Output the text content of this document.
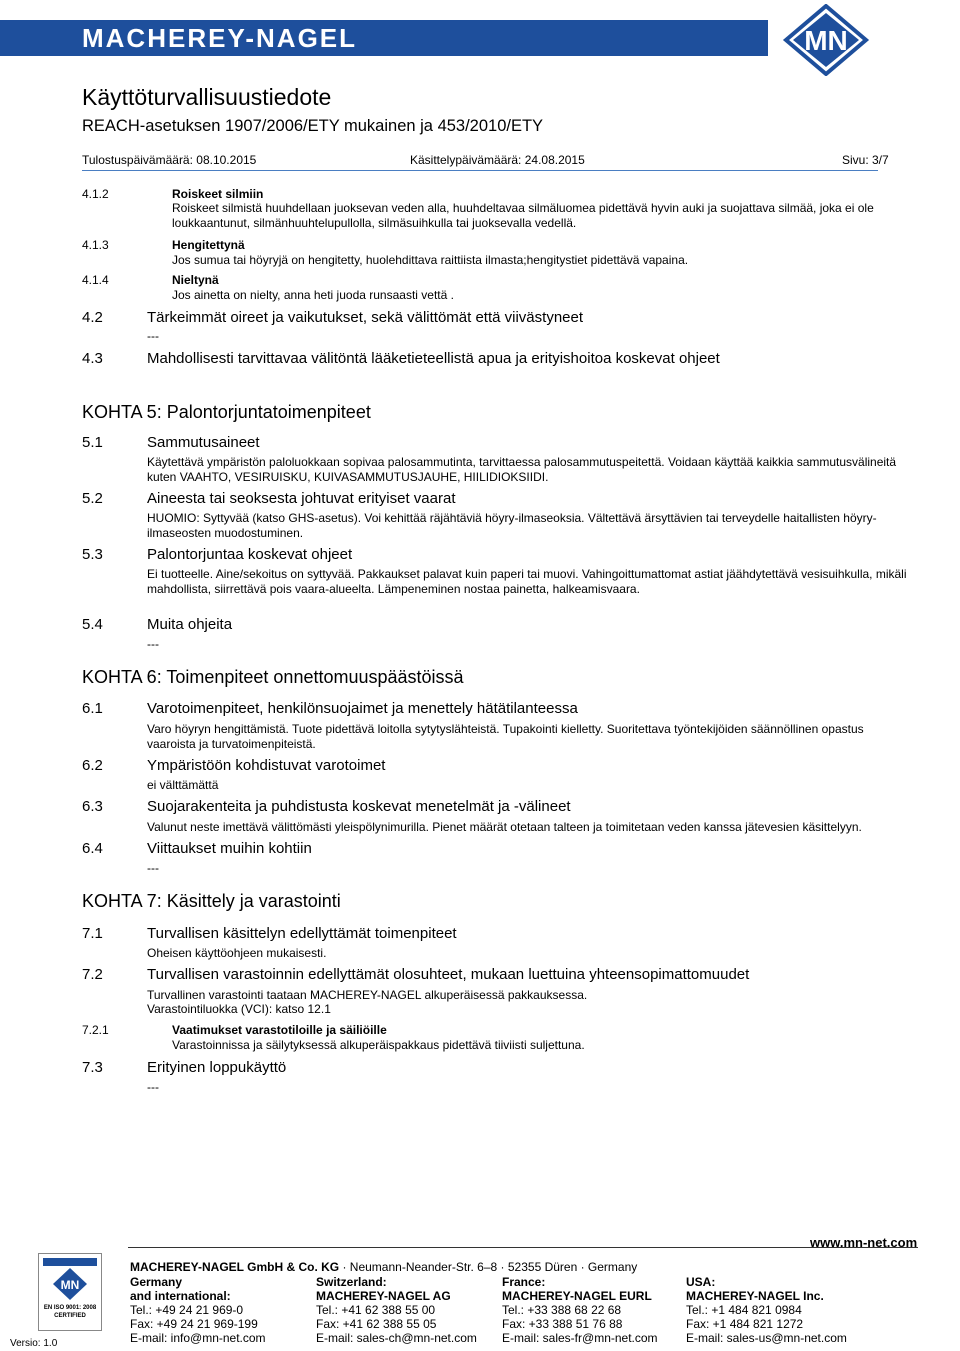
MACHEREY-NAGEL	MN
Käyttöturvallisuustiedote
REACH-asetuksen 1907/2006/ETY mukainen ja 453/2010/ETY
Tulostuspäivämäärä: 08.10.2015	Käsittelypäivämäärä: 24.08.2015	Sivu: 3/7
4.1.2	Roiskeet silmiin
Roiskeet silmistä huuhdellaan juoksevan veden alla, huuhdeltavaa silmäluomea pidettävä hyvin auki ja suojattava silmää, joka ei ole loukkaantunut, silmänhuuhtelupullolla, silmäsuihkulla tai juoksevalla vedellä.
4.1.3	Hengitettynä
Jos sumua tai höyryjä on hengitetty, huolehdittava raittiista ilmasta;hengitystiet pidettävä vapaina.
4.1.4	Nieltynä
Jos ainetta on nielty, anna heti juoda runsaasti vettä .
4.2	Tärkeimmät oireet ja vaikutukset, sekä välittömät että viivästyneet
---
4.3	Mahdollisesti tarvittavaa välitöntä lääketieteellistä apua ja erityishoitoa koskevat ohjeet
KOHTA 5: Palontorjuntatoimenpiteet
5.1	Sammutusaineet
Käytettävä ympäristön paloluokkaan sopivaa palosammutinta, tarvittaessa palosammutuspeitettä. Voidaan käyttää kaikkia sammutusvälineitä kuten VAAHTO, VESIRUISKU, KUIVASAMMUTUSJAUHE, HIILIDIOKSIIDI.
5.2	Aineesta tai seoksesta johtuvat erityiset vaarat
HUOMIO: Syttyvää (katso GHS-asetus). Voi kehittää räjähtäviä höyry-ilmaseoksia. Vältettävä ärsyttävien tai terveydelle haitallisten höyry-ilmaseosten muodostuminen.
5.3	Palontorjuntaa koskevat ohjeet
Ei tuotteelle. Aine/sekoitus on syttyvää. Pakkaukset palavat kuin paperi tai muovi. Vahingoittumattomat astiat jäähdytettävä vesisuihkulla, mikäli mahdollista, siirrettävä pois vaara-alueelta. Lämpeneminen nostaa painetta, halkeamisvaara.
5.4	Muita ohjeita
---
KOHTA 6: Toimenpiteet onnettomuuspäästöissä
6.1	Varotoimenpiteet, henkilönsuojaimet ja menettely hätätilanteessa
Varo höyryn hengittämistä. Tuote pidettävä loitolla sytytyslähteistä. Tupakointi kielletty. Suoritettava työntekijöiden säännöllinen opastus vaaroista ja turvatoimenpiteistä.
6.2	Ympäristöön kohdistuvat varotoimet
ei välttämättä
6.3	Suojarakenteita ja puhdistusta koskevat menetelmät ja -välineet
Valunut neste imettävä välittömästi yleispölynimurilla. Pienet määrät otetaan talteen ja toimitetaan veden kanssa jätevesien käsittelyyn.
6.4	Viittaukset muihin kohtiin
---
KOHTA 7: Käsittely ja varastointi
7.1	Turvallisen käsittelyn edellyttämät toimenpiteet
Oheisen käyttöohjeen mukaisesti.
7.2	Turvallisen varastoinnin edellyttämät olosuhteet, mukaan luettuina yhteensopimattomuudet
Turvallinen varastointi taataan MACHEREY-NAGEL alkuperäisessä pakkauksessa.
Varastointiluokka (VCI): katso 12.1
7.2.1	Vaatimukset varastotiloille ja säiliöille
Varastoinnissa ja säilytyksessä alkuperäispakkaus pidettävä tiiviisti suljettuna.
7.3	Erityinen loppukäyttö
---
www.mn-net.com
MN
EN ISO 9001: 2008 CERTIFIED
Versio: 1.0
MACHEREY-NAGEL GmbH & Co. KG · Neumann-Neander-Str. 6–8 · 52355 Düren · Germany
Germany
and international:
Tel.: +49 24 21 969-0
Fax: +49 24 21 969-199
E-mail: info@mn-net.com
Switzerland:
MACHEREY-NAGEL AG
Tel.: +41 62 388 55 00
Fax: +41 62 388 55 05
E-mail: sales-ch@mn-net.com
France:
MACHEREY-NAGEL EURL
Tel.: +33 388 68 22 68
Fax: +33 388 51 76 88
E-mail: sales-fr@mn-net.com
USA:
MACHEREY-NAGEL Inc.
Tel.: +1 484 821 0984
Fax: +1 484 821 1272
E-mail: sales-us@mn-net.com
